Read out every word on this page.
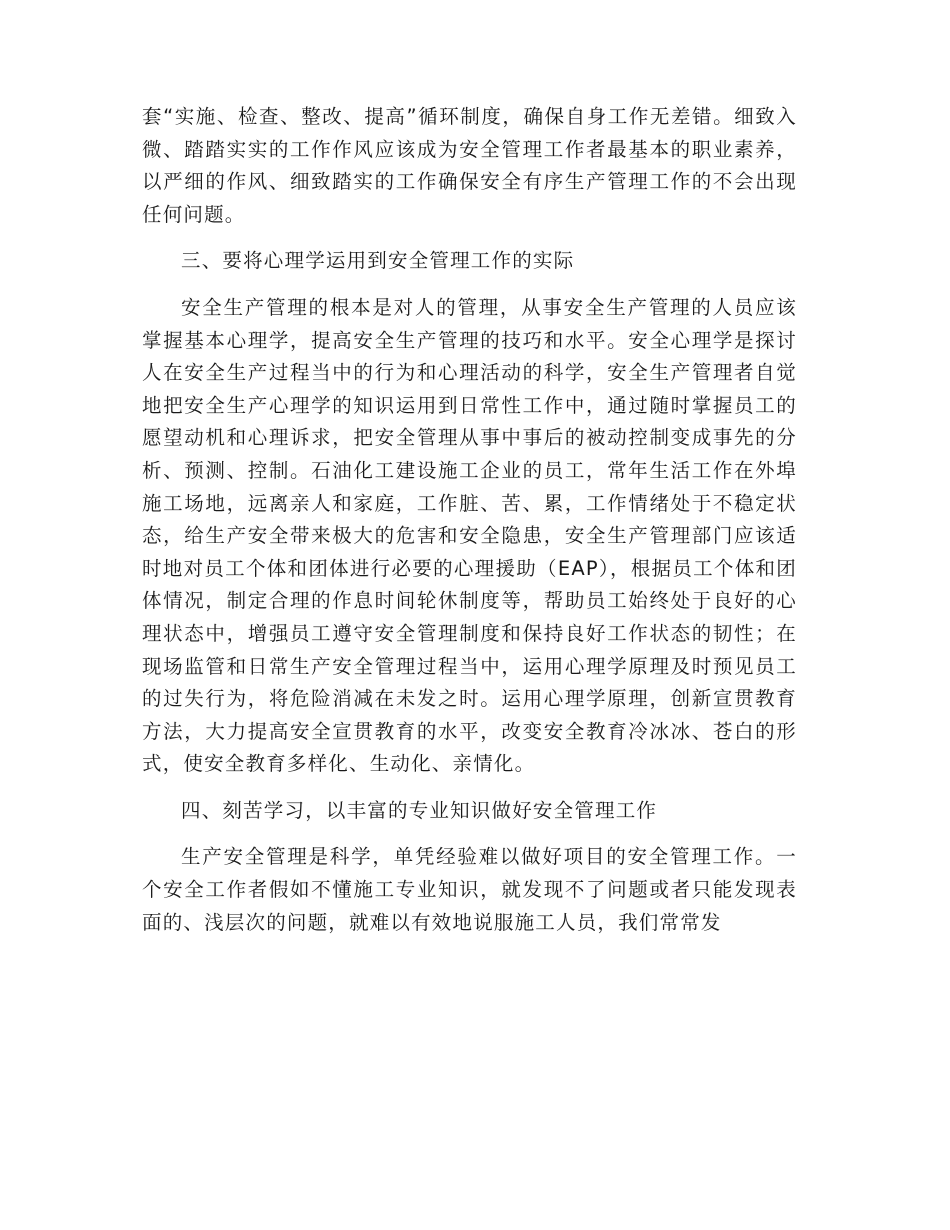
套“实施、检查、整改、提高”循环制度，确保自身工作无差错。细致入微、踏踏实实的工作作风应该成为安全管理工作者最基本的职业素养，以严细的作风、细致踏实的工作确保安全有序生产管理工作的不会出现任何问题。

三、要将心理学运用到安全管理工作的实际

安全生产管理的根本是对人的管理，从事安全生产管理的人员应该掌握基本心理学，提高安全生产管理的技巧和水平。安全心理学是探讨人在安全生产过程当中的行为和心理活动的科学，安全生产管理者自觉地把安全生产心理学的知识运用到日常性工作中，通过随时掌握员工的愿望动机和心理诉求，把安全管理从事中事后的被动控制变成事先的分析、预测、控制。石油化工建设施工企业的员工，常年生活工作在外埠施工场地，远离亲人和家庭，工作脏、苦、累，工作情绪处于不稳定状态，给生产安全带来极大的危害和安全隐患，安全生产管理部门应该适时地对员工个体和团体进行必要的心理援助（EAP），根据员工个体和团体情况，制定合理的作息时间轮休制度等，帮助员工始终处于良好的心理状态中，增强员工遵守安全管理制度和保持良好工作状态的韧性；在现场监管和日常生产安全管理过程当中，运用心理学原理及时预见员工的过失行为，将危险消减在未发之时。运用心理学原理，创新宣贯教育方法，大力提高安全宣贯教育的水平，改变安全教育冷冰冰、苍白的形式，使安全教育多样化、生动化、亲情化。

四、刻苦学习，以丰富的专业知识做好安全管理工作

生产安全管理是科学，单凭经验难以做好项目的安全管理工作。一个安全工作者假如不懂施工专业知识，就发现不了问题或者只能发现表面的、浅层次的问题，就难以有效地说服施工人员，我们常常发
